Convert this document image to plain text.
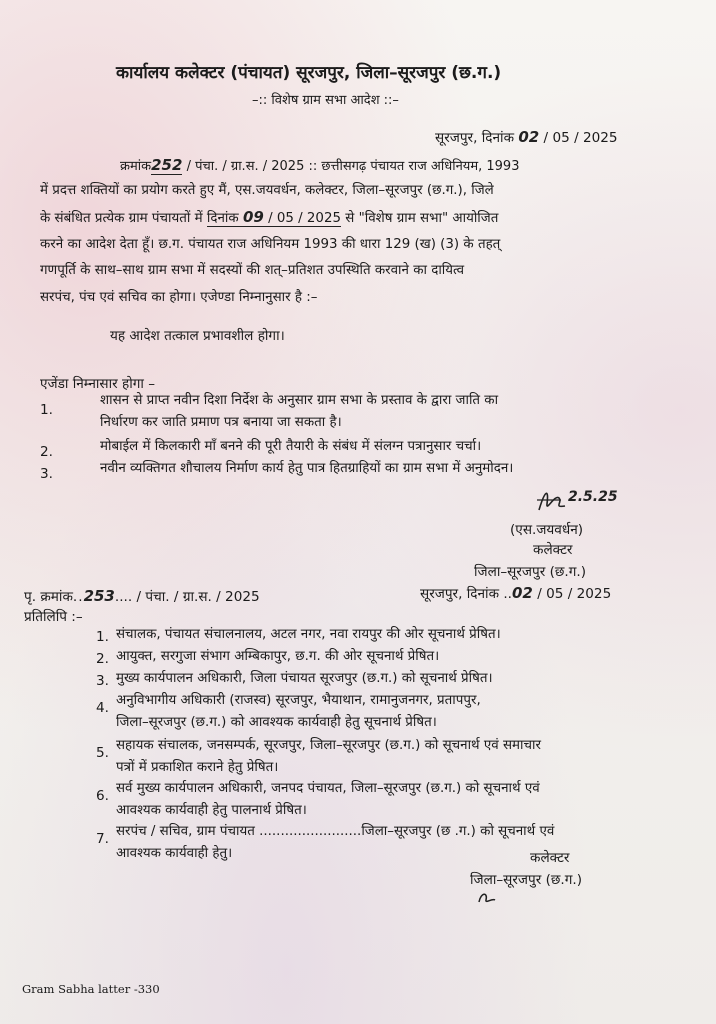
कार्यालय कलेक्टर (पंचायत) सूरजपुर, जिला–सूरजपुर (छ.ग.)
–:: विशेष ग्राम सभा आदेश ::–
सूरजपुर, दिनांक 02 / 05 / 2025
क्रमांक252 / पंचा. / ग्रा.स. / 2025 :: छत्तीसगढ़ पंचायत राज अधिनियम, 1993
में प्रदत्त शक्तियों का प्रयोग करते हुए मैं, एस.जयवर्धन, कलेक्टर, जिला–सूरजपुर (छ.ग.), जिले
के संबंधित प्रत्येक ग्राम पंचायतों में दिनांक 09 / 05 / 2025 से "विशेष ग्राम सभा" आयोजित
करने का आदेश देता हूँ। छ.ग. पंचायत राज अधिनियम 1993 की धारा 129 (ख) (3) के तहत्
गणपूर्ति के साथ–साथ ग्राम सभा में सदस्यों की शत्–प्रतिशत उपस्थिति करवाने का दायित्व
सरपंच, पंच एवं सचिव का होगा। एजेण्डा निम्नानुसार है :–
यह आदेश तत्काल प्रभावशील होगा।
एजेंडा निम्नासार होगा –
1.
शासन से प्राप्त नवीन दिशा निर्देश के अनुसार ग्राम सभा के प्रस्ताव के द्वारा जाति का
निर्धारण कर जाति प्रमाण पत्र बनाया जा सकता है।
2.	मोबाईल में किलकारी माँ बनने की पूरी तैयारी के संबंध में संलग्न पत्रानुसार चर्चा।
3.	नवीन व्यक्तिगत शौचालय निर्माण कार्य हेतु पात्र हितग्राहियों का ग्राम सभा में अनुमोदन।
2.5.25
(एस.जयवर्धन)
कलेक्टर
जिला–सूरजपुर (छ.ग.)
पृ. क्रमांक..253.... / पंचा. / ग्रा.स. / 2025	सूरजपुर, दिनांक ..02 / 05 / 2025
प्रतिलिपि :–
1. संचालक, पंचायत संचालनालय, अटल नगर, नवा रायपुर की ओर सूचनार्थ प्रेषित।
2. आयुक्त, सरगुजा संभाग अम्बिकापुर, छ.ग. की ओर सूचनार्थ प्रेषित।
3. मुख्य कार्यपालन अधिकारी, जिला पंचायत सूरजपुर (छ.ग.) को सूचनार्थ प्रेषित।
4. अनुविभागीय अधिकारी (राजस्व) सूरजपुर, भैयाथान, रामानुजनगर, प्रतापपुर,
जिला–सूरजपुर (छ.ग.) को आवश्यक कार्यवाही हेतु सूचनार्थ प्रेषित।
5. सहायक संचालक, जनसम्पर्क, सूरजपुर, जिला–सूरजपुर (छ.ग.) को सूचनार्थ एवं समाचार
पत्रों में प्रकाशित कराने हेतु प्रेषित।
6. सर्व मुख्य कार्यपालन अधिकारी, जनपद पंचायत, जिला–सूरजपुर (छ.ग.) को सूचनार्थ एवं
आवश्यक कार्यवाही हेतु पालनार्थ प्रेषित।
7. सरपंच / सचिव, ग्राम पंचायत ........................जिला–सूरजपुर (छ .ग.) को सूचनार्थ एवं
आवश्यक कार्यवाही हेतु।	कलेक्टर
जिला–सूरजपुर (छ.ग.)
Gram Sabha latter -330
